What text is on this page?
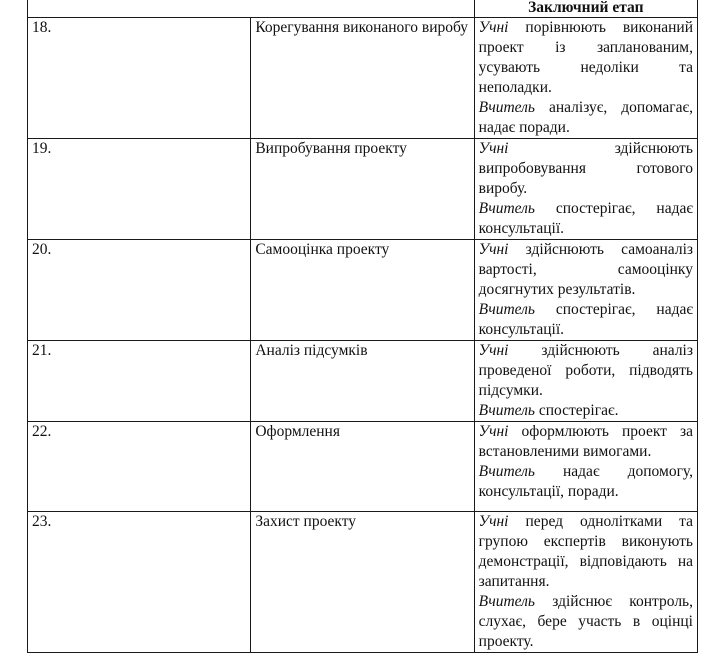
		Заключний етап
18.	Корегування виконаного виробу	Учні порівнюють виконаний проект із запланованим, усувають недоліки та неполадки.
Вчитель аналізує, допомагає, надає поради.

19.	Випробування проекту	Учні здійснюють випробовування готового виробу.
Вчитель спостерігає, надає консультації.

20.	Самооцінка проекту	Учні здійснюють самоаналіз вартості, самооцінку досягнутих результатів.
Вчитель спостерігає, надає консультації.

21.	Аналіз підсумків	Учні здійснюють аналіз проведеної роботи, підводять підсумки.
Вчитель спостерігає.

22.	Оформлення	Учні оформлюють проект за встановленими вимогами.
Вчитель надає допомогу, консультації, поради.

23.	Захист проекту	Учні перед однолітками та групою експертів виконують демонстрації, відповідають на запитання.
Вчитель здійснює контроль, слухає, бере участь в оцінці проекту.
